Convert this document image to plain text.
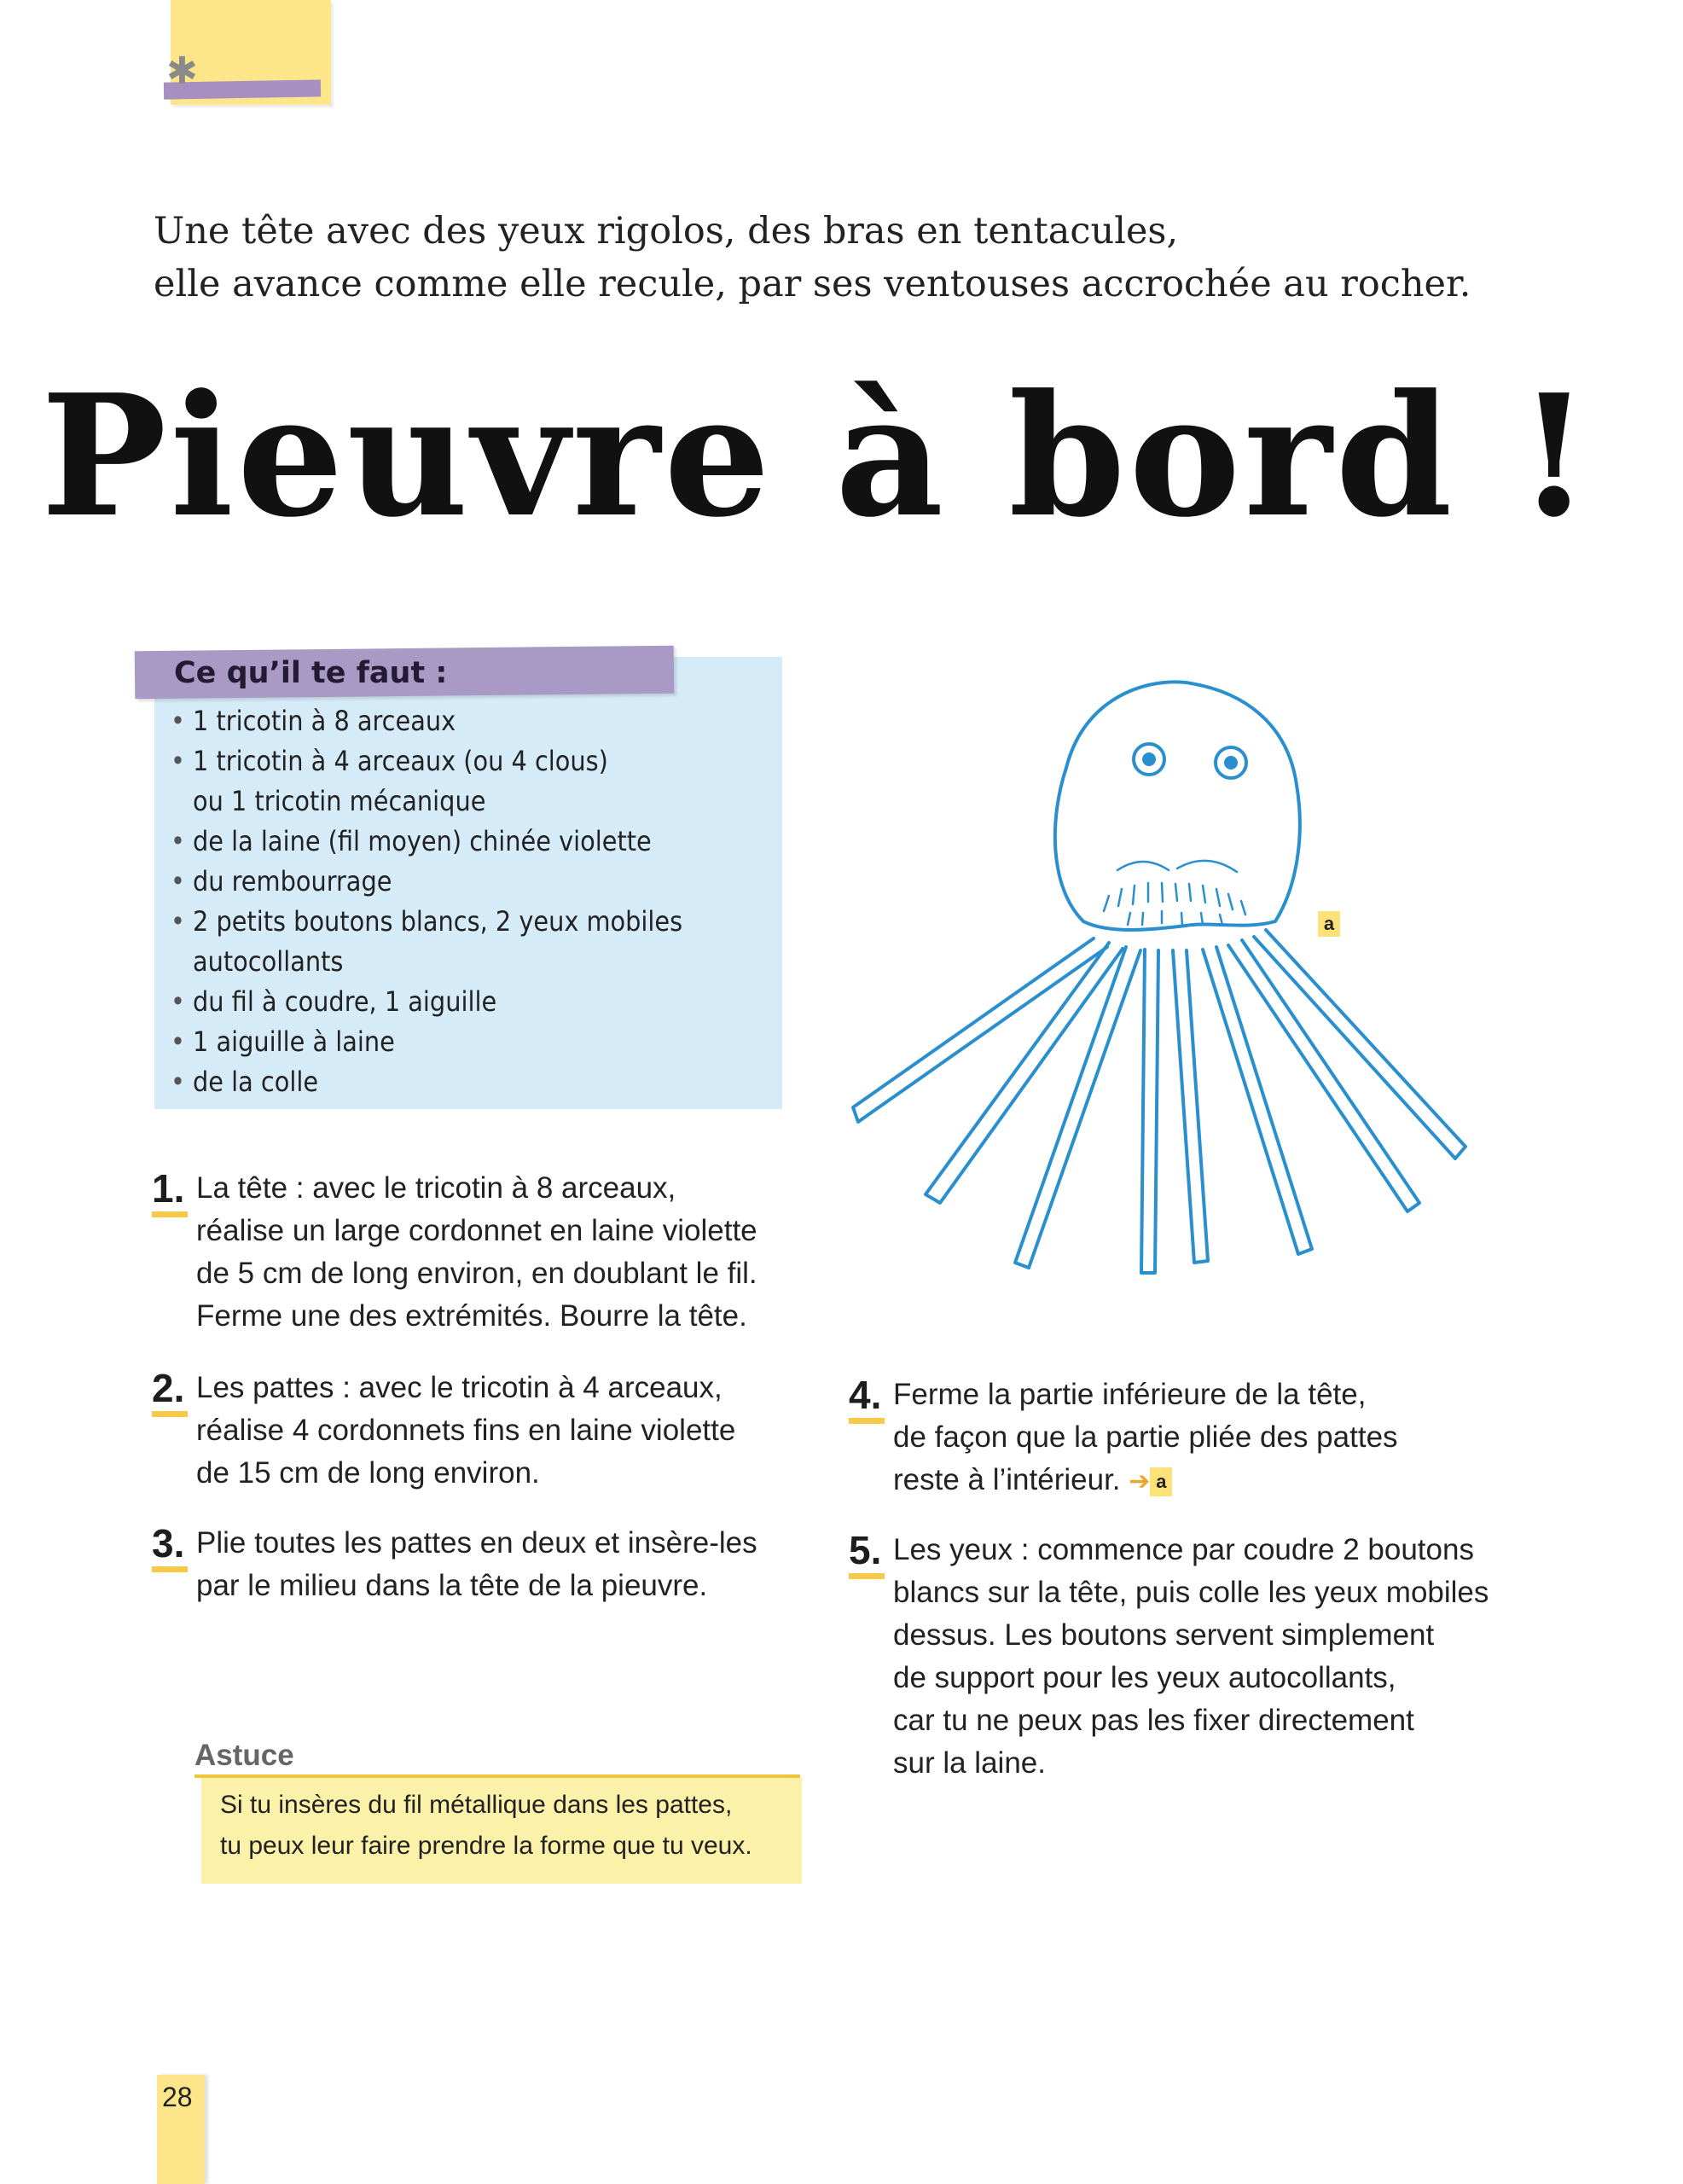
✱
Une tête avec des yeux rigolos, des bras en tentacules,
elle avance comme elle recule, par ses ventouses accrochée au rocher.
Pieuvre à bord !
Ce qu’il te faut :
• 1 tricotin à 8 arceaux
• 1 tricotin à 4 arceaux (ou 4 clous)
ou 1 tricotin mécanique
• de la laine (fil moyen) chinée violette
• du rembourrage
• 2 petits boutons blancs, 2 yeux mobiles
autocollants
• du fil à coudre, 1 aiguille
• 1 aiguille à laine
• de la colle
a
1. La tête : avec le tricotin à 8 arceaux,
réalise un large cordonnet en laine violette
de 5 cm de long environ, en doublant le fil.
Ferme une des extrémités. Bourre la tête.
2. Les pattes : avec le tricotin à 4 arceaux,
réalise 4 cordonnets fins en laine violette
de 15 cm de long environ.
3. Plie toutes les pattes en deux et insère-les
par le milieu dans la tête de la pieuvre.
4. Ferme la partie inférieure de la tête,
de façon que la partie pliée des pattes
reste à l’intérieur. ➔ a
5. Les yeux : commence par coudre 2 boutons
blancs sur la tête, puis colle les yeux mobiles
dessus. Les boutons servent simplement
de support pour les yeux autocollants,
car tu ne peux pas les fixer directement
sur la laine.
Astuce
Si tu insères du fil métallique dans les pattes,
tu peux leur faire prendre la forme que tu veux.
28
